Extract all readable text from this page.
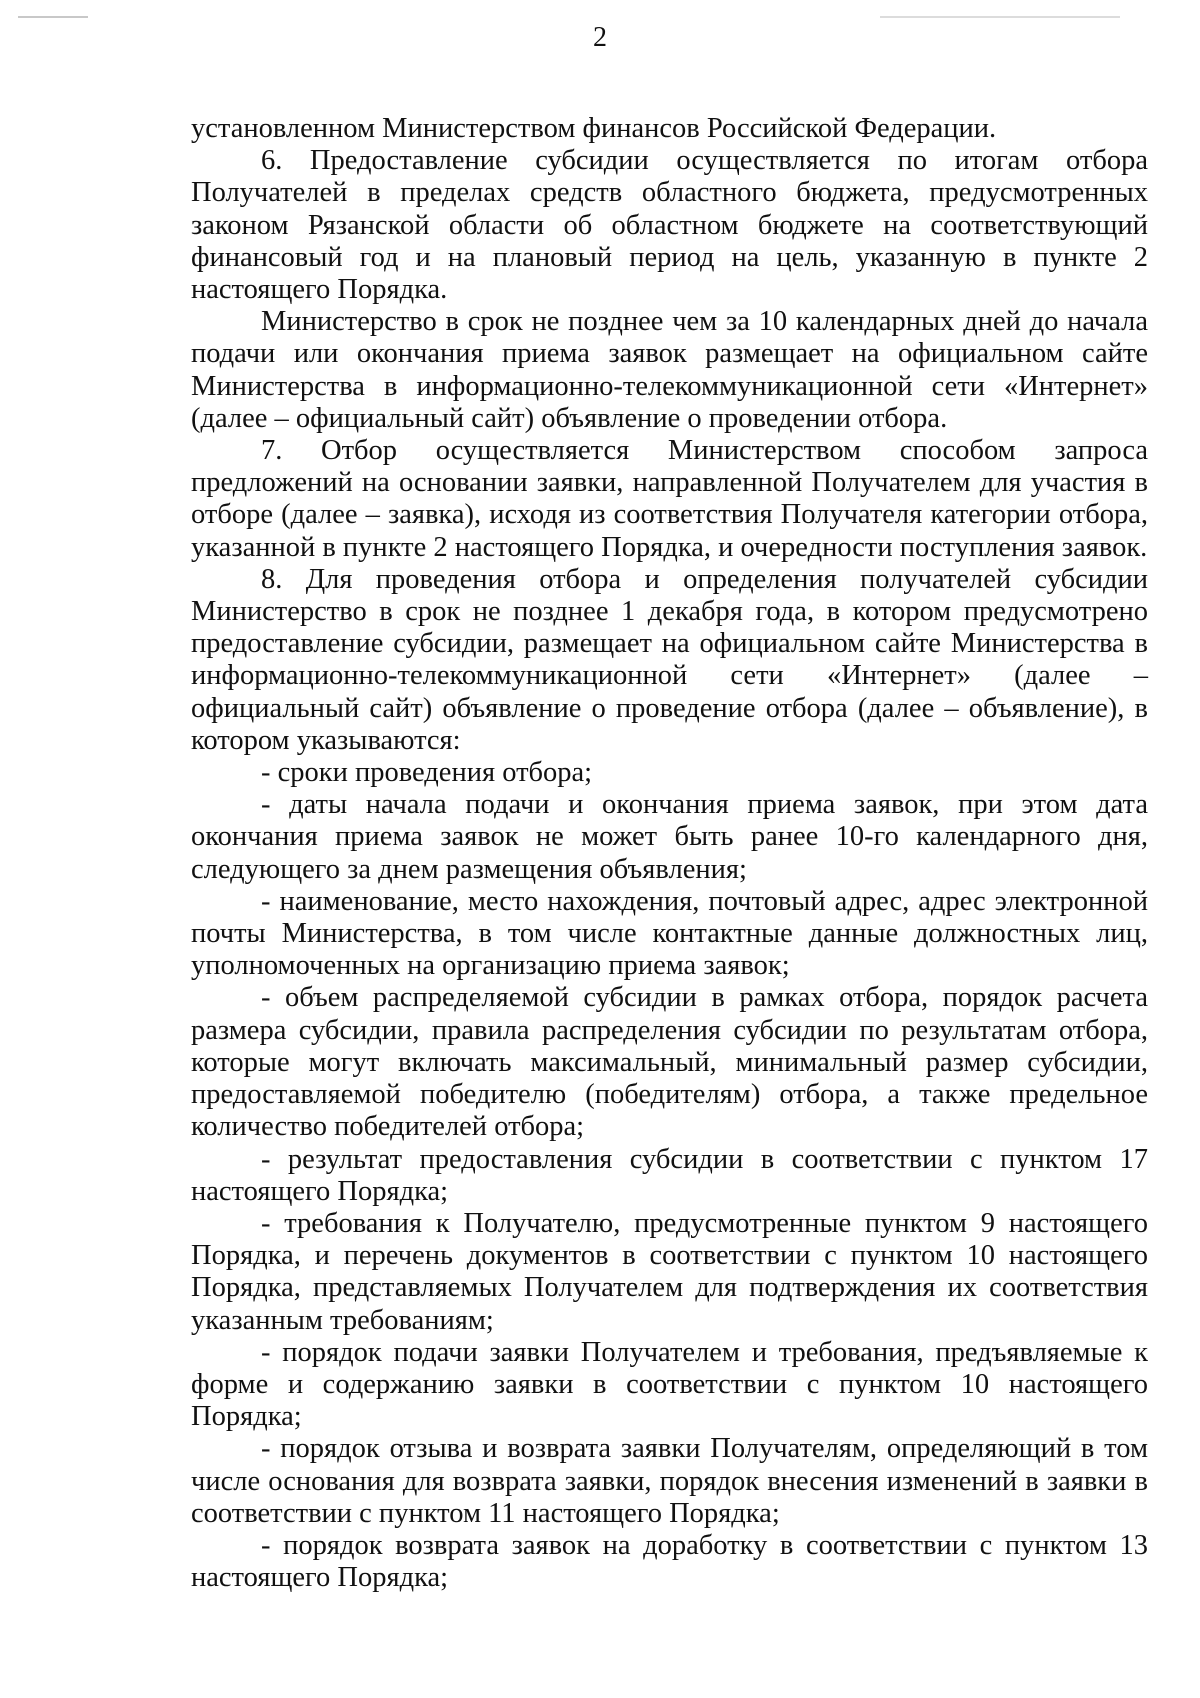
2

установленном Министерством финансов Российской Федерации.

6. Предоставление субсидии осуществляется по итогам отбора Получателей в пределах средств областного бюджета, предусмотренных законом Рязанской области об областном бюджете на соответствующий финансовый год и на плановый период на цель, указанную в пункте 2 настоящего Порядка.

Министерство в срок не позднее чем за 10 календарных дней до начала подачи или окончания приема заявок размещает на официальном сайте Министерства в информационно-телекоммуникационной сети «Интернет» (далее – официальный сайт) объявление о проведении отбора.

7. Отбор осуществляется Министерством способом запроса предложений на основании заявки, направленной Получателем для участия в отборе (далее – заявка), исходя из соответствия Получателя категории отбора, указанной в пункте 2 настоящего Порядка, и очередности поступления заявок.

8. Для проведения отбора и определения получателей субсидии Министерство в срок не позднее 1 декабря года, в котором предусмотрено предоставление субсидии, размещает на официальном сайте Министерства в информационно-телекоммуникационной сети «Интернет» (далее – официальный сайт) объявление о проведение отбора (далее – объявление), в котором указываются:

- сроки проведения отбора;

- даты начала подачи и окончания приема заявок, при этом дата окончания приема заявок не может быть ранее 10-го календарного дня, следующего за днем размещения объявления;

- наименование, место нахождения, почтовый адрес, адрес электронной почты Министерства, в том числе контактные данные должностных лиц, уполномоченных на организацию приема заявок;

- объем распределяемой субсидии в рамках отбора, порядок расчета размера субсидии, правила распределения субсидии по результатам отбора, которые могут включать максимальный, минимальный размер субсидии, предоставляемой победителю (победителям) отбора, а также предельное количество победителей отбора;

- результат предоставления субсидии в соответствии с пунктом 17 настоящего Порядка;

- требования к Получателю, предусмотренные пунктом 9 настоящего Порядка, и перечень документов в соответствии с пунктом 10 настоящего Порядка, представляемых Получателем для подтверждения их соответствия указанным требованиям;

- порядок подачи заявки Получателем и требования, предъявляемые к форме и содержанию заявки в соответствии с пунктом 10 настоящего Порядка;

- порядок отзыва и возврата заявки Получателям, определяющий в том числе основания для возврата заявки, порядок внесения изменений в заявки в соответствии с пунктом 11 настоящего Порядка;

- порядок возврата заявок на доработку в соответствии с пунктом 13 настоящего Порядка;
